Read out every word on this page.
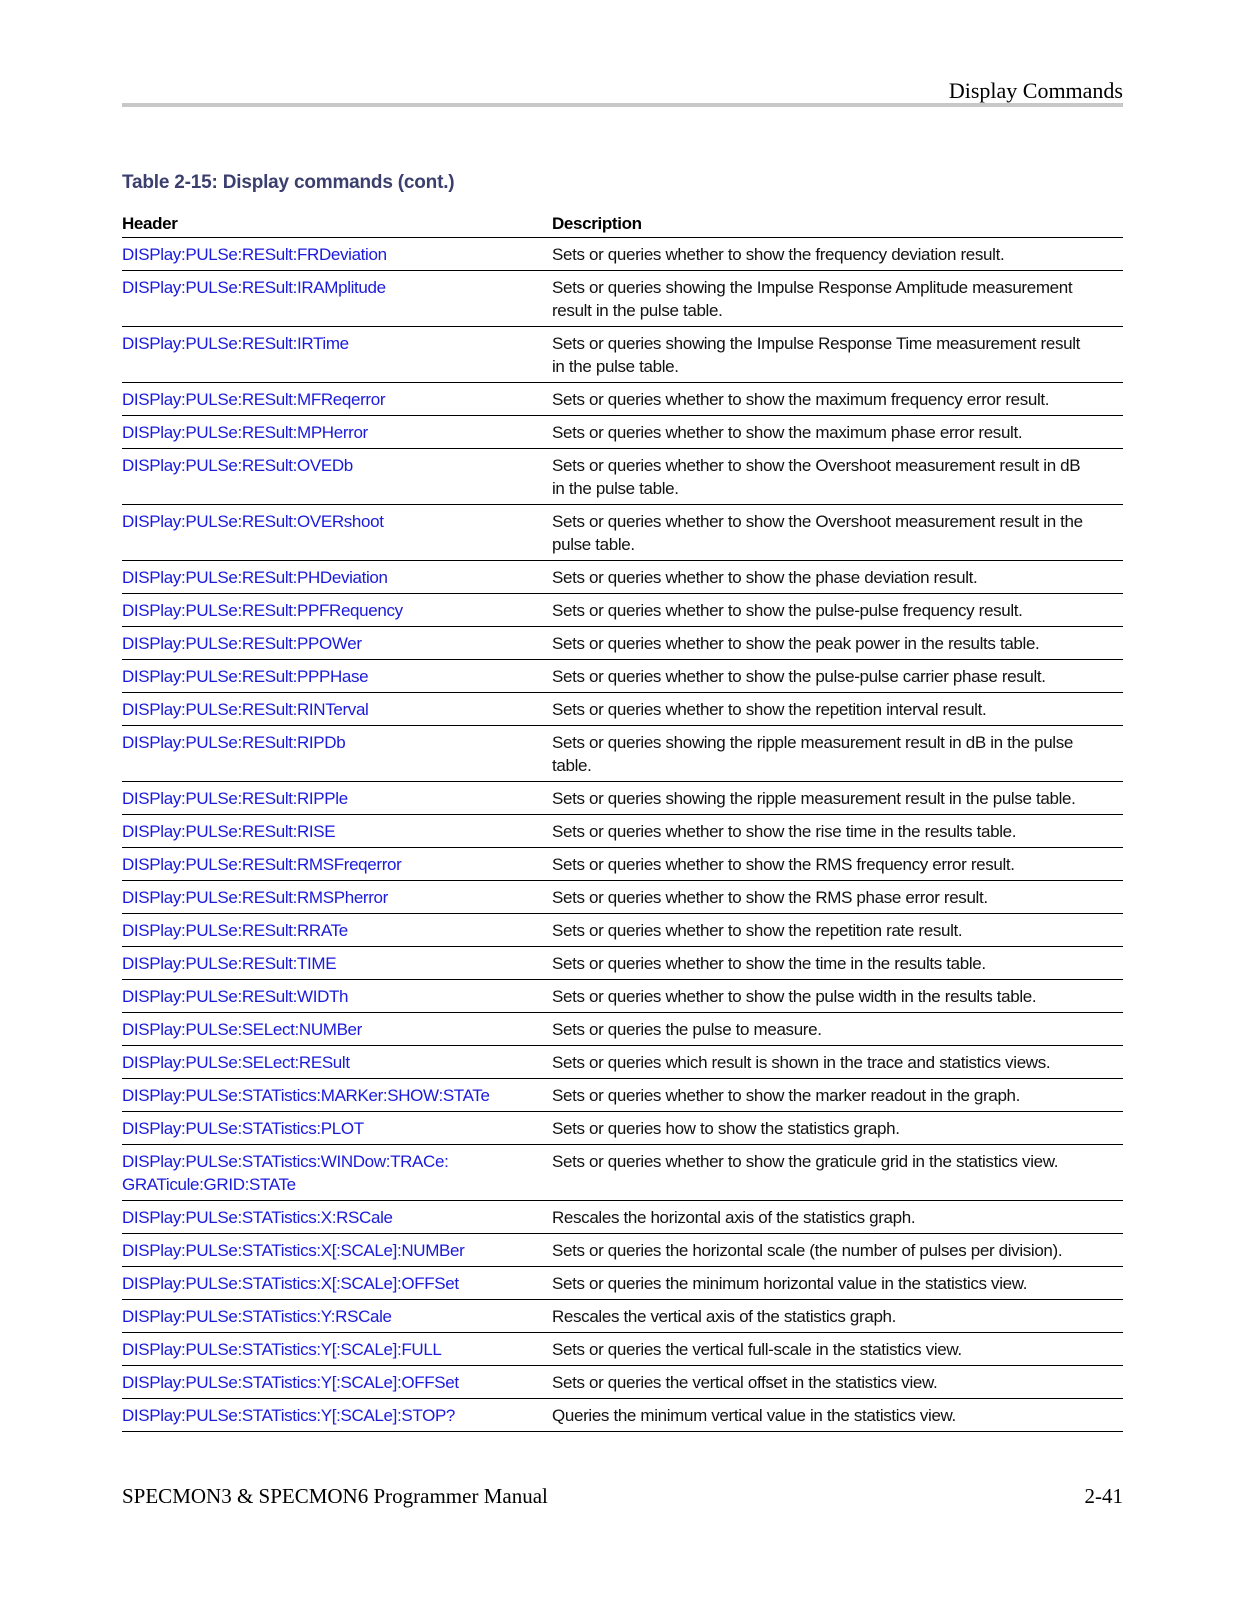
Display Commands
Table 2-15: Display commands (cont.)
Header	Description
DISPlay:PULSe:RESult:FRDeviation	Sets or queries whether to show the frequency deviation result.

DISPlay:PULSe:RESult:IRAMplitude	Sets or queries showing the Impulse Response Amplitude measurement result in the pulse table.

DISPlay:PULSe:RESult:IRTime	Sets or queries showing the Impulse Response Time measurement result in the pulse table.

DISPlay:PULSe:RESult:MFReqerror	Sets or queries whether to show the maximum frequency error result.

DISPlay:PULSe:RESult:MPHerror	Sets or queries whether to show the maximum phase error result.

DISPlay:PULSe:RESult:OVEDb	Sets or queries whether to show the Overshoot measurement result in dB in the pulse table.

DISPlay:PULSe:RESult:OVERshoot	Sets or queries whether to show the Overshoot measurement result in the pulse table.

DISPlay:PULSe:RESult:PHDeviation	Sets or queries whether to show the phase deviation result.

DISPlay:PULSe:RESult:PPFRequency	Sets or queries whether to show the pulse-pulse frequency result.

DISPlay:PULSe:RESult:PPOWer	Sets or queries whether to show the peak power in the results table.

DISPlay:PULSe:RESult:PPPHase	Sets or queries whether to show the pulse-pulse carrier phase result.

DISPlay:PULSe:RESult:RINTerval	Sets or queries whether to show the repetition interval result.

DISPlay:PULSe:RESult:RIPDb	Sets or queries showing the ripple measurement result in dB in the pulse table.

DISPlay:PULSe:RESult:RIPPle	Sets or queries showing the ripple measurement result in the pulse table.

DISPlay:PULSe:RESult:RISE	Sets or queries whether to show the rise time in the results table.

DISPlay:PULSe:RESult:RMSFreqerror	Sets or queries whether to show the RMS frequency error result.

DISPlay:PULSe:RESult:RMSPherror	Sets or queries whether to show the RMS phase error result.

DISPlay:PULSe:RESult:RRATe	Sets or queries whether to show the repetition rate result.

DISPlay:PULSe:RESult:TIME	Sets or queries whether to show the time in the results table.

DISPlay:PULSe:RESult:WIDTh	Sets or queries whether to show the pulse width in the results table.

DISPlay:PULSe:SELect:NUMBer	Sets or queries the pulse to measure.

DISPlay:PULSe:SELect:RESult	Sets or queries which result is shown in the trace and statistics views.

DISPlay:PULSe:STATistics:MARKer:SHOW:STATe	Sets or queries whether to show the marker readout in the graph.

DISPlay:PULSe:STATistics:PLOT	Sets or queries how to show the statistics graph.

DISPlay:PULSe:STATistics:WINDow:TRACe:
GRATicule:GRID:STATe	Sets or queries whether to show the graticule grid in the statistics view.

DISPlay:PULSe:STATistics:X:RSCale	Rescales the horizontal axis of the statistics graph.

DISPlay:PULSe:STATistics:X[:SCALe]:NUMBer	Sets or queries the horizontal scale (the number of pulses per division).

DISPlay:PULSe:STATistics:X[:SCALe]:OFFSet	Sets or queries the minimum horizontal value in the statistics view.

DISPlay:PULSe:STATistics:Y:RSCale	Rescales the vertical axis of the statistics graph.

DISPlay:PULSe:STATistics:Y[:SCALe]:FULL	Sets or queries the vertical full-scale in the statistics view.

DISPlay:PULSe:STATistics:Y[:SCALe]:OFFSet	Sets or queries the vertical offset in the statistics view.

DISPlay:PULSe:STATistics:Y[:SCALe]:STOP?	Queries the minimum vertical value in the statistics view.
SPECMON3 & SPECMON6 Programmer Manual	2-41
